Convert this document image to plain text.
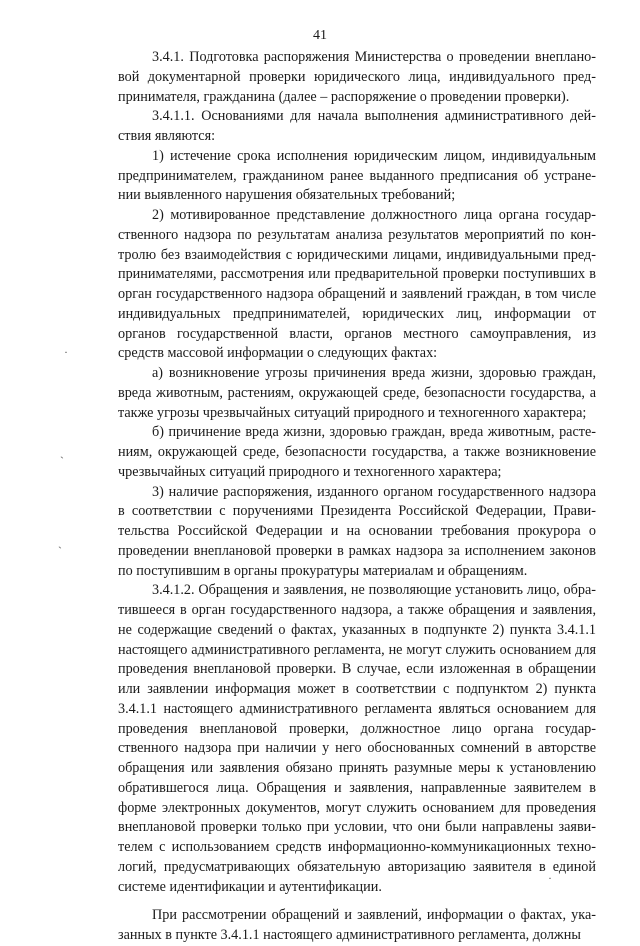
41

3.4.1. Подготовка распоряжения Министерства о проведении внеплановой документарной проверки юридического лица, индивидуального предпринимателя, гражданина (далее – распоряжение о проведении проверки).

3.4.1.1. Основаниями для начала выполнения административного действия являются:

1) истечение срока исполнения юридическим лицом, индивидуальным предпринимателем, гражданином ранее выданного предписания об устранении выявленного нарушения обязательных требований;

2) мотивированное представление должностного лица органа государственного надзора по результатам анализа результатов мероприятий по контролю без взаимодействия с юридическими лицами, индивидуальными предпринимателями, рассмотрения или предварительной проверки поступивших в орган государственного надзора обращений и заявлений граждан, в том числе индивидуальных предпринимателей, юридических лиц, информации от органов государственной власти, органов местного самоуправления, из средств массовой информации о следующих фактах:

а) возникновение угрозы причинения вреда жизни, здоровью граждан, вреда животным, растениям, окружающей среде, безопасности государства, а также угрозы чрезвычайных ситуаций природного и техногенного характера;

б) причинение вреда жизни, здоровью граждан, вреда животным, растениям, окружающей среде, безопасности государства, а также возникновение чрезвычайных ситуаций природного и техногенного характера;

3) наличие распоряжения, изданного органом государственного надзора в соответствии с поручениями Президента Российской Федерации, Правительства Российской Федерации и на основании требования прокурора о проведении внеплановой проверки в рамках надзора за исполнением законов по поступившим в органы прокуратуры материалам и обращениям.

3.4.1.2. Обращения и заявления, не позволяющие установить лицо, обратившееся в орган государственного надзора, а также обращения и заявления, не содержащие сведений о фактах, указанных в подпункте 2) пункта 3.4.1.1 настоящего административного регламента, не могут служить основанием для проведения внеплановой проверки. В случае, если изложенная в обращении или заявлении информация может в соответствии с подпунктом 2) пункта 3.4.1.1 настоящего административного регламента являться основанием для проведения внеплановой проверки, должностное лицо органа государственного надзора при наличии у него обоснованных сомнений в авторстве обращения или заявления обязано принять разумные меры к установлению обратившегося лица. Обращения и заявления, направленные заявителем в форме электронных документов, могут служить основанием для проведения внеплановой проверки только при условии, что они были направлены заявителем с использованием средств информационно-коммуникационных технологий, предусматривающих обязательную авторизацию заявителя в единой системе идентификации и аутентификации.

При рассмотрении обращений и заявлений, информации о фактах, указанных в пункте 3.4.1.1 настоящего административного регламента, должны

·
ˏ
ˏ
·
